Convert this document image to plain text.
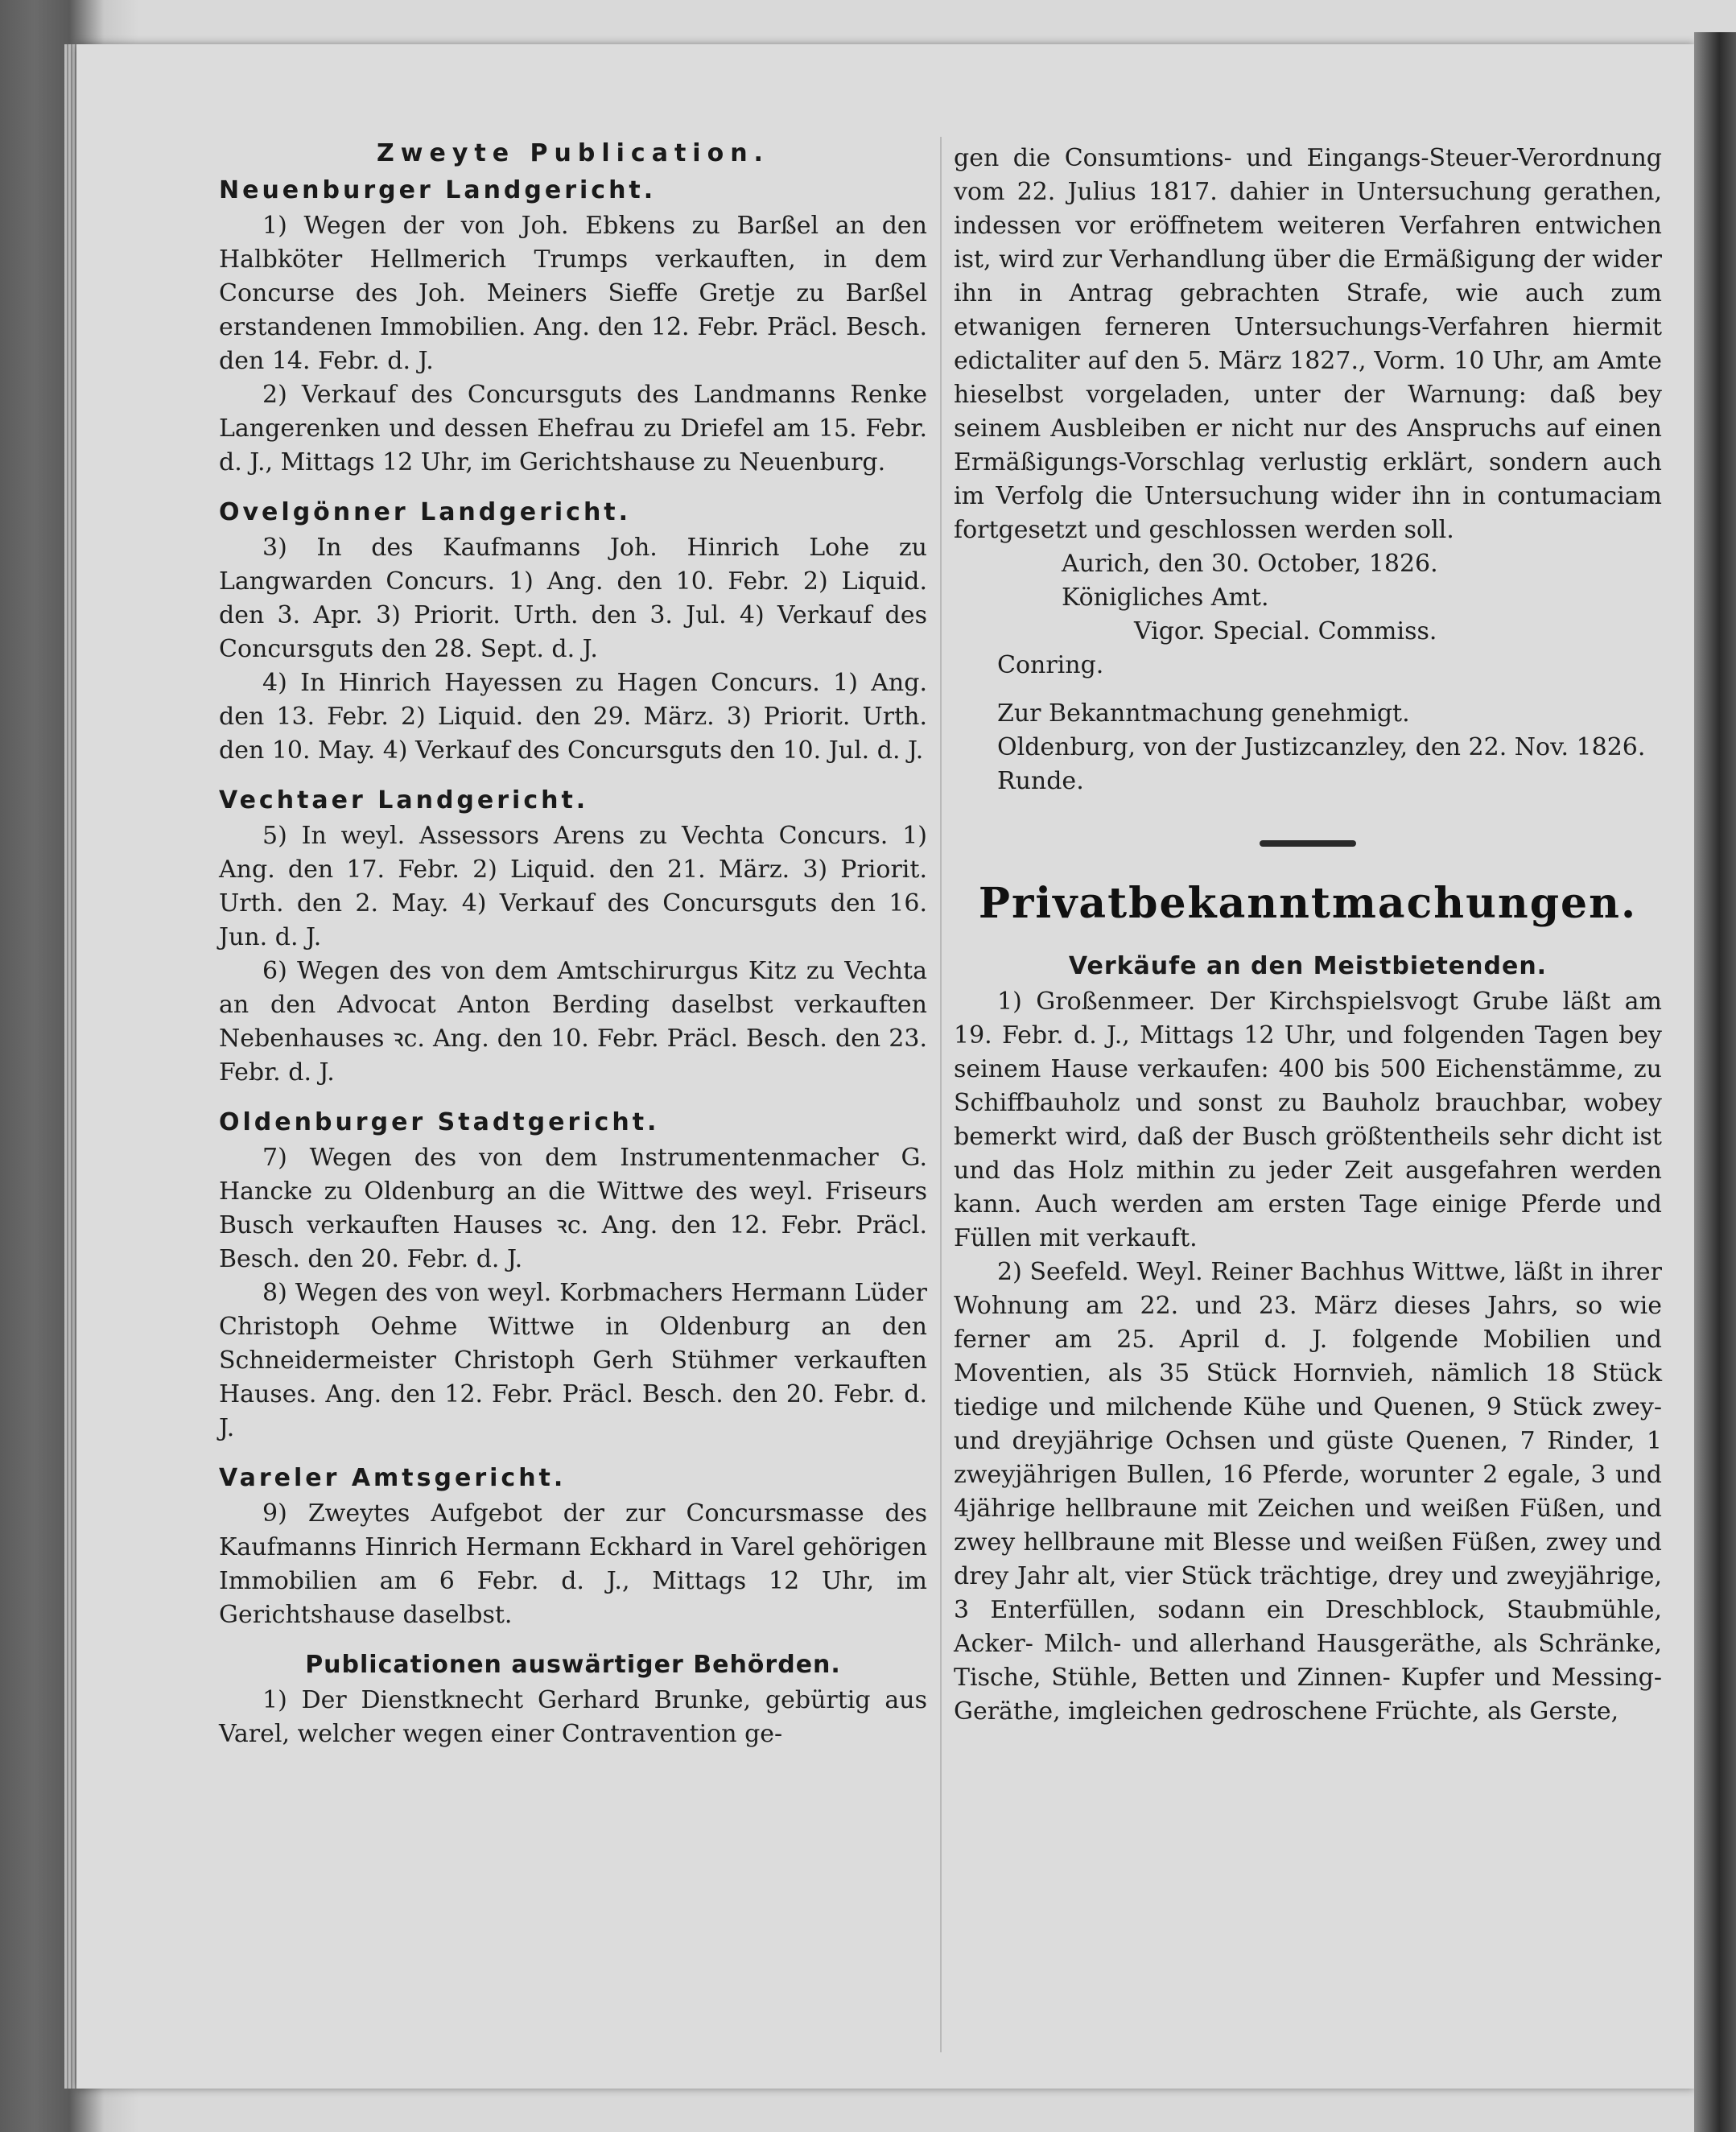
Zweyte Publication.
Neuenburger Landgericht.

1) Wegen der von Joh. Ebkens zu Barßel an den Halbköter Hellmerich Trumps verkauften, in dem Concurse des Joh. Meiners Sieffe Gretje zu Barßel erstandenen Immobilien. Ang. den 12. Febr. Präcl. Besch. den 14. Febr. d. J.

2) Verkauf des Concursguts des Landmanns Renke Langerenken und dessen Ehefrau zu Driefel am 15. Febr. d. J., Mittags 12 Uhr, im Gerichtshause zu Neuenburg.

Ovelgönner Landgericht.

3) In des Kaufmanns Joh. Hinrich Lohe zu Langwarden Concurs. 1) Ang. den 10. Febr. 2) Liquid. den 3. Apr. 3) Priorit. Urth. den 3. Jul. 4) Verkauf des Concursguts den 28. Sept. d. J.

4) In Hinrich Hayessen zu Hagen Concurs. 1) Ang. den 13. Febr. 2) Liquid. den 29. März. 3) Priorit. Urth. den 10. May. 4) Verkauf des Concursguts den 10. Jul. d. J.

Vechtaer Landgericht.

5) In weyl. Assessors Arens zu Vechta Concurs. 1) Ang. den 17. Febr. 2) Liquid. den 21. März. 3) Priorit. Urth. den 2. May. 4) Verkauf des Concursguts den 16. Jun. d. J.

6) Wegen des von dem Amtschirurgus Kitz zu Vechta an den Advocat Anton Berding daselbst verkauften Nebenhauses ꝛc. Ang. den 10. Febr. Präcl. Besch. den 23. Febr. d. J.

Oldenburger Stadtgericht.

7) Wegen des von dem Instrumentenmacher G. Hancke zu Oldenburg an die Wittwe des weyl. Friseurs Busch verkauften Hauses ꝛc. Ang. den 12. Febr. Präcl. Besch. den 20. Febr. d. J.

8) Wegen des von weyl. Korbmachers Hermann Lüder Christoph Oehme Wittwe in Oldenburg an den Schneidermeister Christoph Gerh Stühmer verkauften Hauses. Ang. den 12. Febr. Präcl. Besch. den 20. Febr. d. J.

Vareler Amtsgericht.

9) Zweytes Aufgebot der zur Concursmasse des Kaufmanns Hinrich Hermann Eckhard in Varel gehörigen Immobilien am 6 Febr. d. J., Mittags 12 Uhr, im Gerichtshause daselbst.

Publicationen auswärtiger Behörden.

1) Der Dienstknecht Gerhard Brunke, gebürtig aus Varel, welcher wegen einer Contravention ge-

gen die Consumtions- und Eingangs-Steuer-Verordnung vom 22. Julius 1817. dahier in Untersuchung gerathen, indessen vor eröffnetem weiteren Verfahren entwichen ist, wird zur Verhandlung über die Ermäßigung der wider ihn in Antrag gebrachten Strafe, wie auch zum etwanigen ferneren Untersuchungs-Verfahren hiermit edictaliter auf den 5. März 1827., Vorm. 10 Uhr, am Amte hieselbst vorgeladen, unter der Warnung: daß bey seinem Ausbleiben er nicht nur des Anspruchs auf einen Ermäßigungs-Vorschlag verlustig erklärt, sondern auch im Verfolg die Untersuchung wider ihn in contumaciam fortgesetzt und geschlossen werden soll.

Aurich, den 30. October, 1826.

Königliches Amt.

Vigor. Special. Commiss.

Conring.

Zur Bekanntmachung genehmigt.

Oldenburg, von der Justizcanzley, den 22. Nov. 1826.

Runde.

Privatbekanntmachungen.
Verkäufe an den Meistbietenden.

1) Großenmeer. Der Kirchspielsvogt Grube läßt am 19. Febr. d. J., Mittags 12 Uhr, und folgenden Tagen bey seinem Hause verkaufen: 400 bis 500 Eichenstämme, zu Schiffbauholz und sonst zu Bauholz brauchbar, wobey bemerkt wird, daß der Busch größtentheils sehr dicht ist und das Holz mithin zu jeder Zeit ausgefahren werden kann. Auch werden am ersten Tage einige Pferde und Füllen mit verkauft.

2) Seefeld. Weyl. Reiner Bachhus Wittwe, läßt in ihrer Wohnung am 22. und 23. März dieses Jahrs, so wie ferner am 25. April d. J. folgende Mobilien und Moventien, als 35 Stück Hornvieh, nämlich 18 Stück tiedige und milchende Kühe und Quenen, 9 Stück zwey- und dreyjährige Ochsen und güste Quenen, 7 Rinder, 1 zweyjährigen Bullen, 16 Pferde, worunter 2 egale, 3 und 4jährige hellbraune mit Zeichen und weißen Füßen, und zwey hellbraune mit Blesse und weißen Füßen, zwey und drey Jahr alt, vier Stück trächtige, drey und zweyjährige, 3 Enterfüllen, sodann ein Dreschblock, Staubmühle, Acker- Milch- und allerhand Hausgeräthe, als Schränke, Tische, Stühle, Betten und Zinnen- Kupfer und Messing-Geräthe, imgleichen gedroschene Früchte, als Gerste,
